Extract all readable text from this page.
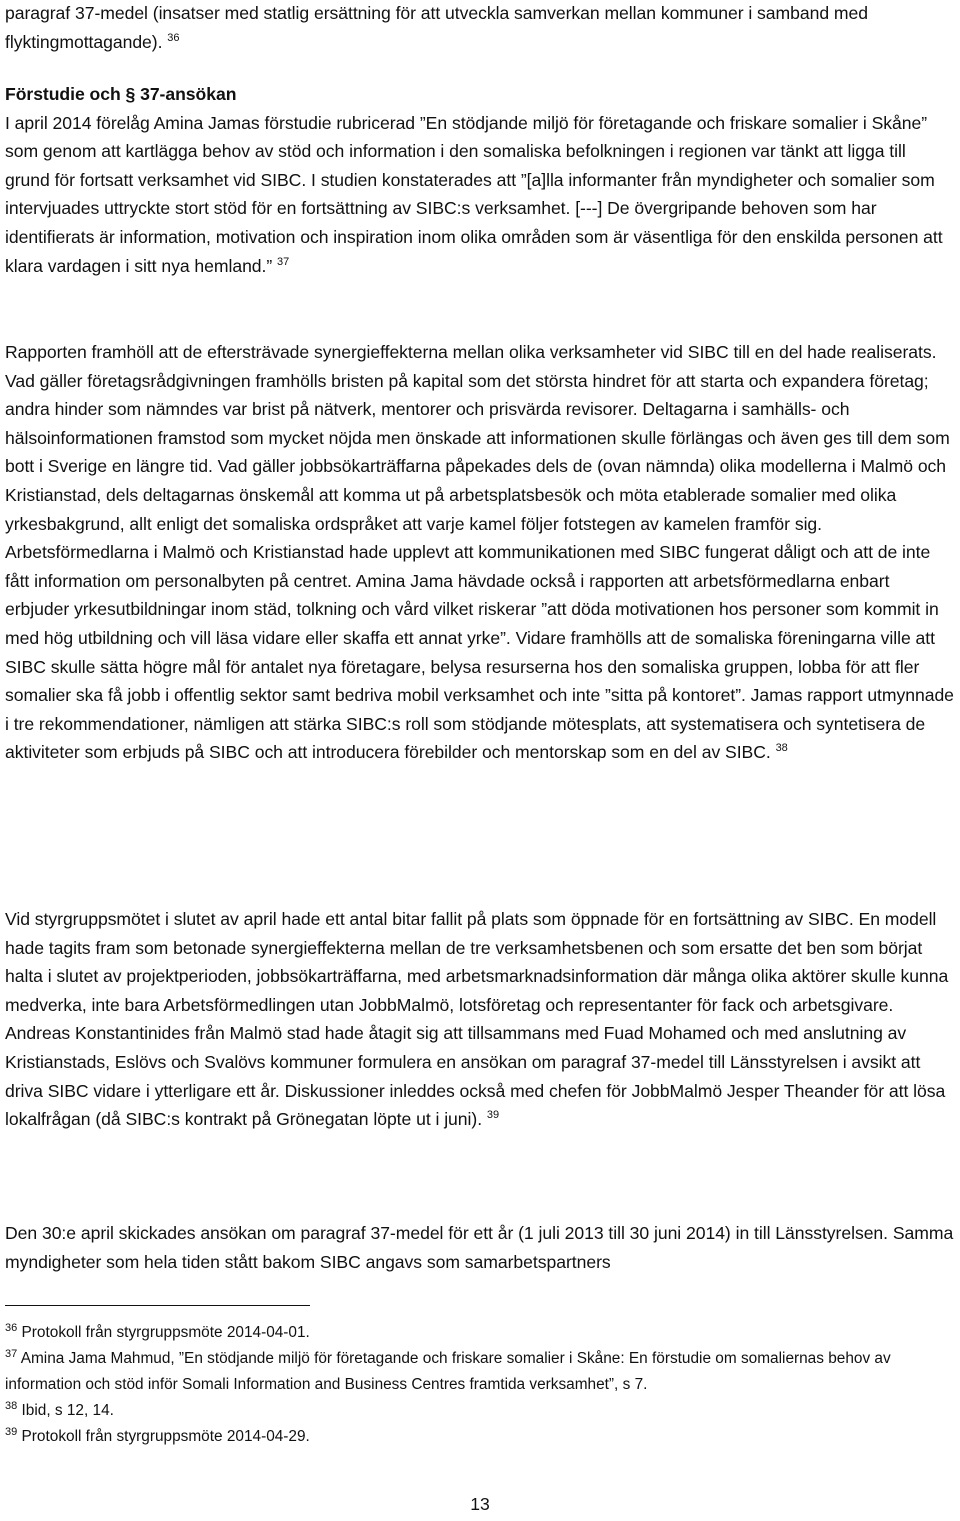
paragraf 37-medel (insatser med statlig ersättning för att utveckla samverkan mellan kommuner i samband med flyktingmottagande). $^{36}$

Förstudie och § 37-ansökan

I april 2014 förelåg Amina Jamas förstudie rubricerad ”En stödjande miljö för företagande och friskare somalier i Skåne” som genom att kartlägga behov av stöd och information i den somaliska befolkningen i regionen var tänkt att ligga till grund för fortsatt verksamhet vid SIBC. I studien konstaterades att ”[a]lla informanter från myndigheter och somalier som intervjuades uttryckte stort stöd för en fortsättning av SIBC:s verksamhet. [---] De övergripande behoven som har identifierats är information, motivation och inspiration inom olika områden som är väsentliga för den enskilda personen att klara vardagen i sitt nya hemland.” $^{37}$

Rapporten framhöll att de eftersträvade synergieffekterna mellan olika verksamheter vid SIBC till en del hade realiserats. Vad gäller företagsrådgivningen framhölls bristen på kapital som det största hindret för att starta och expandera företag; andra hinder som nämndes var brist på nätverk, mentorer och prisvärda revisorer. Deltagarna i samhälls- och hälsoinformationen framstod som mycket nöjda men önskade att informationen skulle förlängas och även ges till dem som bott i Sverige en längre tid. Vad gäller jobbsökarträffarna påpekades dels de (ovan nämnda) olika modellerna i Malmö och Kristianstad, dels deltagarnas önskemål att komma ut på arbetsplatsbesök och möta etablerade somalier med olika yrkesbakgrund, allt enligt det somaliska ordspråket att varje kamel följer fotstegen av kamelen framför sig. Arbetsförmedlarna i Malmö och Kristianstad hade upplevt att kommunikationen med SIBC fungerat dåligt och att de inte fått information om personalbyten på centret. Amina Jama hävdade också i rapporten att arbetsförmedlarna enbart erbjuder yrkesutbildningar inom städ, tolkning och vård vilket riskerar ”att döda motivationen hos personer som kommit in med hög utbildning och vill läsa vidare eller skaffa ett annat yrke”. Vidare framhölls att de somaliska föreningarna ville att SIBC skulle sätta högre mål för antalet nya företagare, belysa resurserna hos den somaliska gruppen, lobba för att fler somalier ska få jobb i offentlig sektor samt bedriva mobil verksamhet och inte ”sitta på kontoret”. Jamas rapport utmynnade i tre rekommendationer, nämligen att stärka SIBC:s roll som stödjande mötesplats, att systematisera och syntetisera de aktiviteter som erbjuds på SIBC och att introducera förebilder och mentorskap som en del av SIBC. $^{38}$

Vid styrgruppsmötet i slutet av april hade ett antal bitar fallit på plats som öppnade för en fortsättning av SIBC. En modell hade tagits fram som betonade synergieffekterna mellan de tre verksamhetsbenen och som ersatte det ben som börjat halta i slutet av projektperioden, jobbsökarträffarna, med arbetsmarknadsinformation där många olika aktörer skulle kunna medverka, inte bara Arbetsförmedlingen utan JobbMalmö, lotsföretag och representanter för fack och arbetsgivare. Andreas Konstantinides från Malmö stad hade åtagit sig att tillsammans med Fuad Mohamed och med anslutning av Kristianstads, Eslövs och Svalövs kommuner formulera en ansökan om paragraf 37-medel till Länsstyrelsen i avsikt att driva SIBC vidare i ytterligare ett år. Diskussioner inleddes också med chefen för JobbMalmö Jesper Theander för att lösa lokalfrågan (då SIBC:s kontrakt på Grönegatan löpte ut i juni). $^{39}$

Den 30:e april skickades ansökan om paragraf 37-medel för ett år (1 juli 2013 till 30 juni 2014) in till Länsstyrelsen. Samma myndigheter som hela tiden stått bakom SIBC angavs som samarbetspartners

$^{36}$ Protokoll från styrgruppsmöte 2014-04-01.

$^{37}$ Amina Jama Mahmud, ”En stödjande miljö för företagande och friskare somalier i Skåne: En förstudie om somaliernas behov av information och stöd inför Somali Information and Business Centres framtida verksamhet”, s 7.

$^{38}$ Ibid, s 12, 14.

$^{39}$ Protokoll från styrgruppsmöte 2014-04-29.

13
